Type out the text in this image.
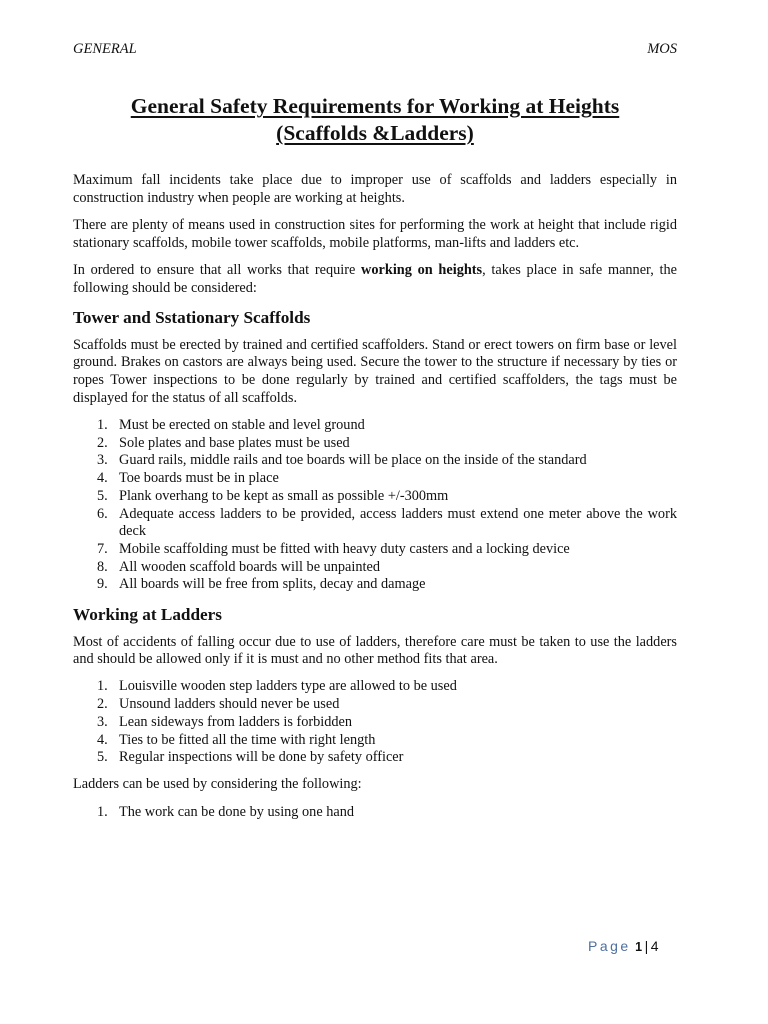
GENERAL	MOS
General Safety Requirements for Working at Heights
(Scaffolds &Ladders)

Maximum fall incidents take place due to improper use of scaffolds and ladders especially in construction industry when people are working at heights.

There are plenty of means used in construction sites for performing the work at height that include rigid stationary scaffolds, mobile tower scaffolds, mobile platforms, man-lifts and ladders etc.

In ordered to ensure that all works that require working on heights, takes place in safe manner, the following should be considered:

Tower and Sstationary Scaffolds

Scaffolds must be erected by trained and certified scaffolders. Stand or erect towers on firm base or level ground. Brakes on castors are always being used. Secure the tower to the structure if necessary by ties or ropes Tower inspections to be done regularly by trained and certified scaffolders, the tags must be displayed for the status of all scaffolds.

1. Must be erected on stable and level ground
2. Sole plates and base plates must be used
3. Guard rails, middle rails and toe boards will be place on the inside of the standard
4. Toe boards must be in place
5. Plank overhang to be kept as small as possible +/-300mm
6. Adequate access ladders to be provided, access ladders must extend one meter above the work deck
7. Mobile scaffolding must be fitted with heavy duty casters and a locking device
8. All wooden scaffold boards will be unpainted
9. All boards will be free from splits, decay and damage
Working at Ladders

Most of accidents of falling occur due to use of ladders, therefore care must be taken to use the ladders and should be allowed only if it is must and no other method fits that area.

1. Louisville wooden step ladders type are allowed to be used
2. Unsound ladders should never be used
3. Lean sideways from ladders is forbidden
4. Ties to be fitted all the time with right length
5. Regular inspections will be done by safety officer

Ladders can be used by considering the following:

1. The work can be done by using one hand
Page 1 | 4
